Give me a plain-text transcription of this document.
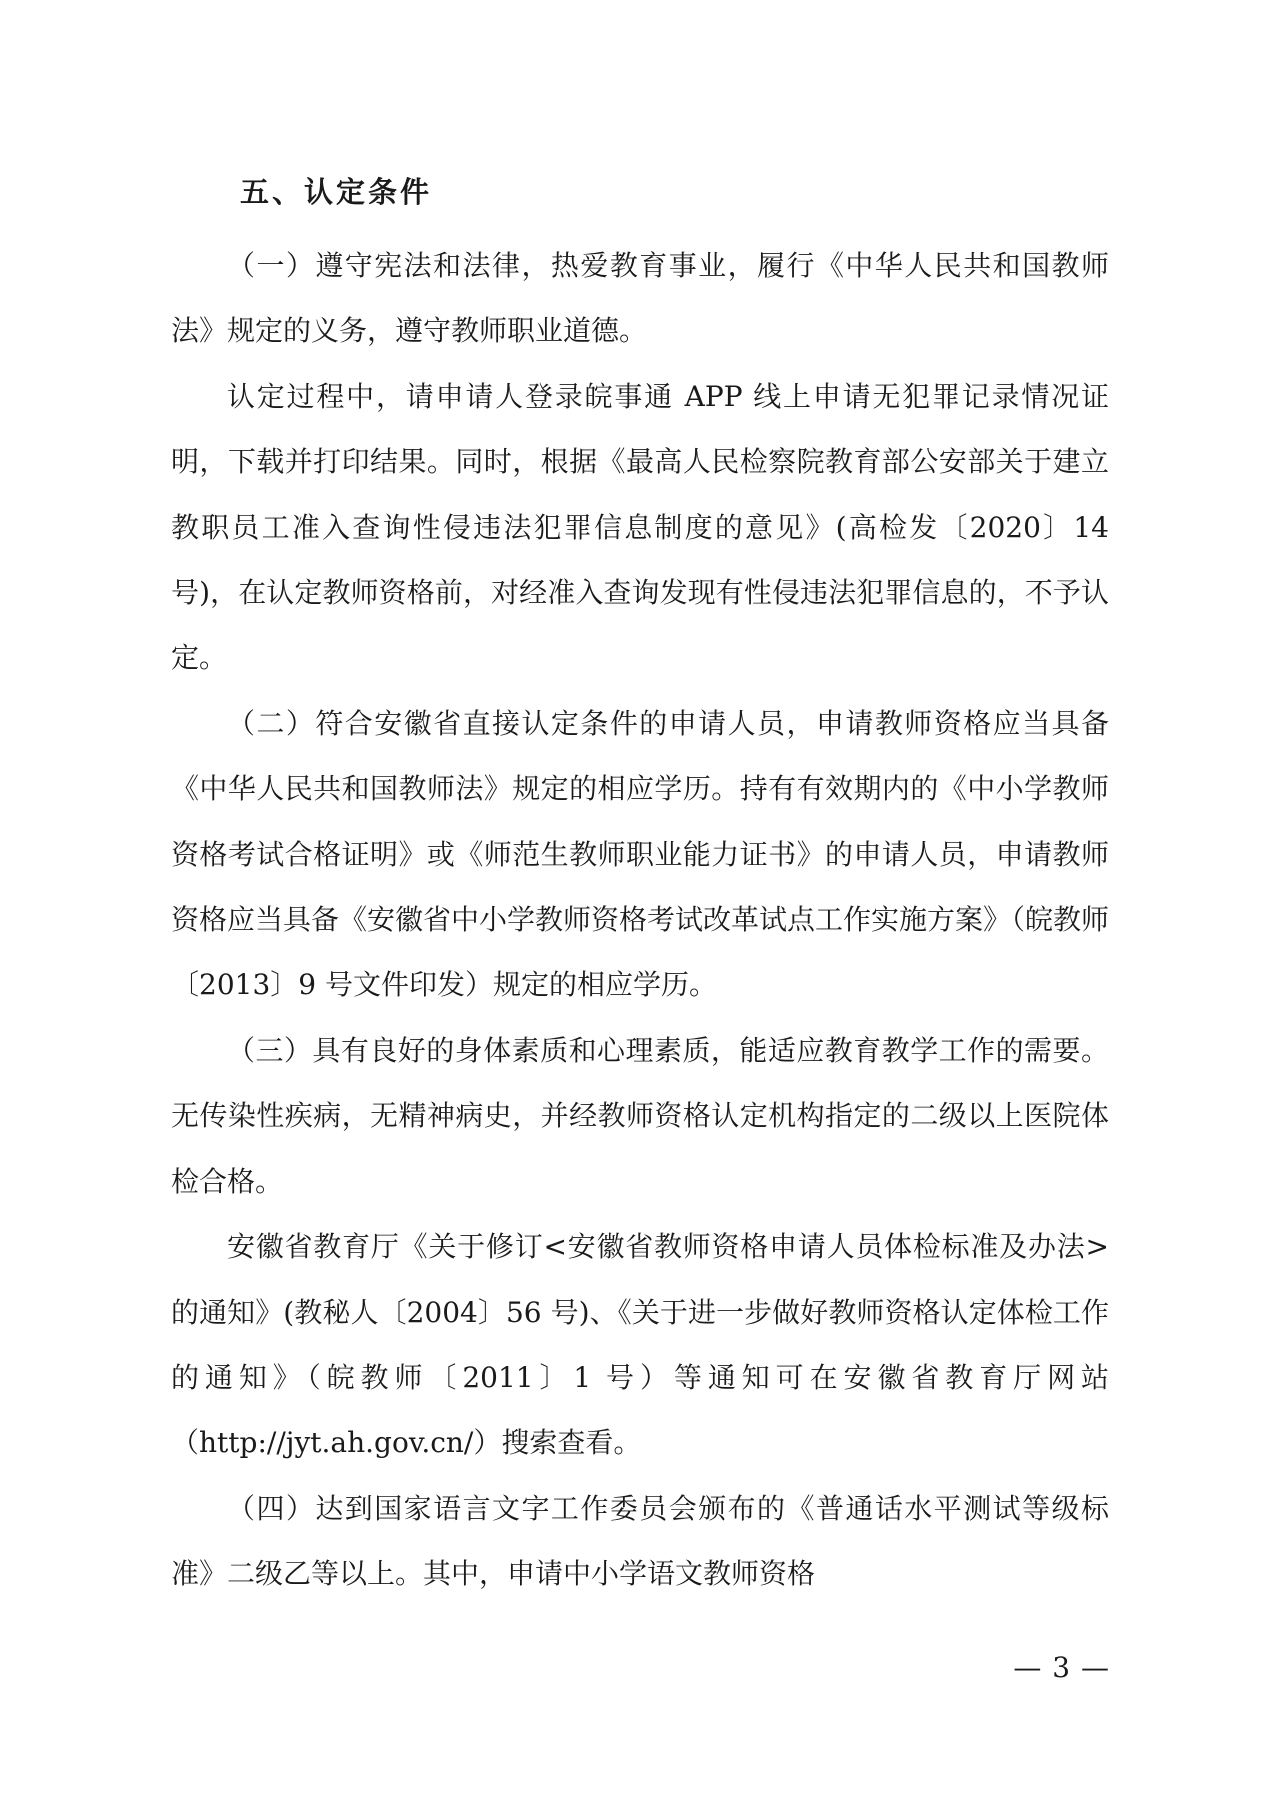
五、认定条件

（一）遵守宪法和法律，热爱教育事业，履行《中华人民共和国教师法》规定的义务，遵守教师职业道德。

认定过程中，请申请人登录皖事通 APP 线上申请无犯罪记录情况证明，下载并打印结果。同时，根据《最高人民检察院教育部公安部关于建立教职员工准入查询性侵违法犯罪信息制度的意见》(高检发〔2020〕14 号)，在认定教师资格前，对经准入查询发现有性侵违法犯罪信息的，不予认定。

（二）符合安徽省直接认定条件的申请人员，申请教师资格应当具备《中华人民共和国教师法》规定的相应学历。持有有效期内的《中小学教师资格考试合格证明》或《师范生教师职业能力证书》的申请人员，申请教师资格应当具备《安徽省中小学教师资格考试改革试点工作实施方案》（皖教师〔2013〕9 号文件印发）规定的相应学历。

（三）具有良好的身体素质和心理素质，能适应教育教学工作的需要。无传染性疾病，无精神病史，并经教师资格认定机构指定的二级以上医院体检合格。

安徽省教育厅《关于修订<安徽省教师资格申请人员体检标准及办法>的通知》(教秘人〔2004〕56 号)、《关于进一步做好教师资格认定体检工作的通知》（皖教师〔2011〕1 号）等通知可在安徽省教育厅网站（http://jyt.ah.gov.cn/）搜索查看。

（四）达到国家语言文字工作委员会颁布的《普通话水平测试等级标准》二级乙等以上。其中，申请中小学语文教师资格

— 3 —
